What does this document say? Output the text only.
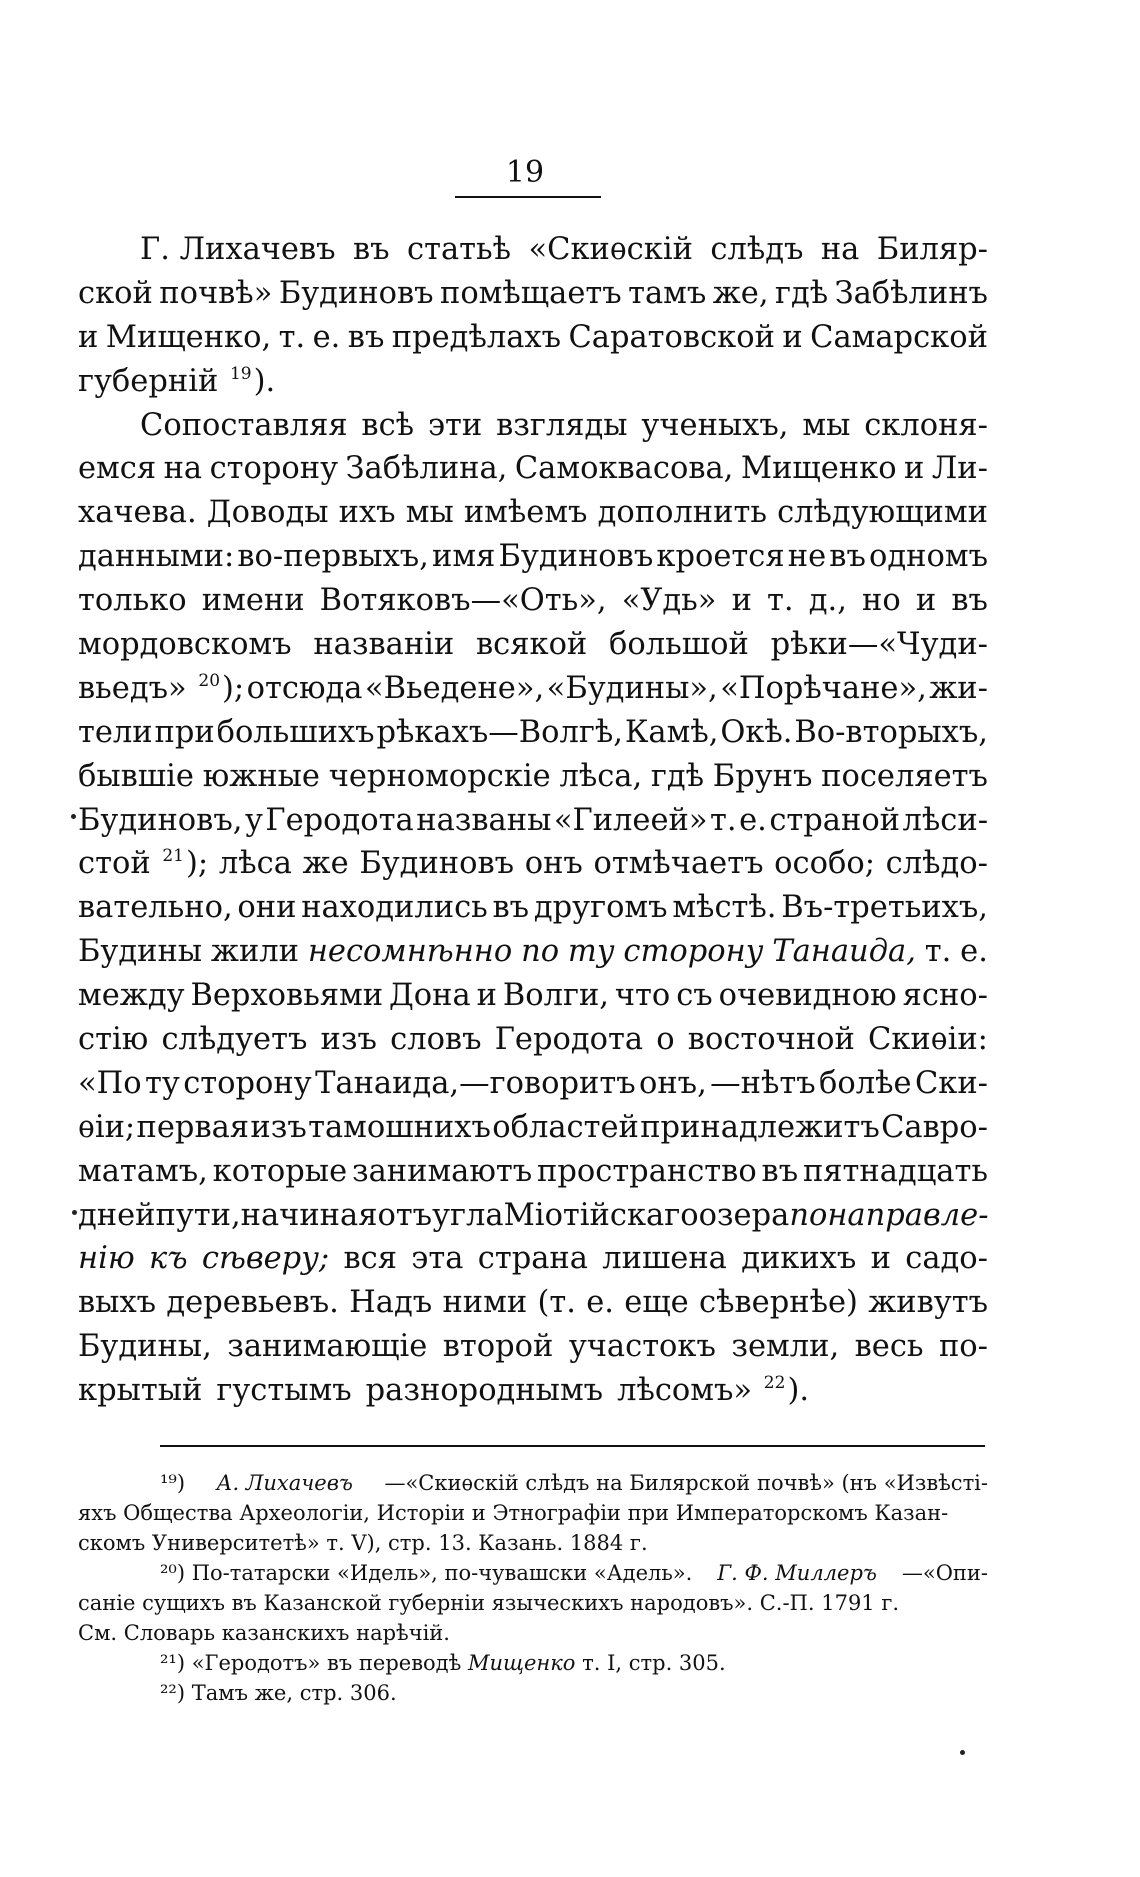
19
Г. Лихачевъ въ статьѣ «Скиѳскій слѣдъ на Биляр-
ской почвѣ» Будиновъ помѣщаетъ тамъ же, гдѣ Забѣлинъ
и Мищенко, т. е. въ предѣлахъ Саратовской и Самарской
губерній $^{19}$).
Сопоставляя всѣ эти взгляды ученыхъ, мы склоня-
емся на сторону Забѣлина, Самоквасова, Мищенко и Ли-
хачева. Доводы ихъ мы имѣемъ дополнить слѣдующими
данными: во-первыхъ, имя Будиновъ кроется не въ одномъ
только имени Вотяковъ—«Оть», «Удь» и т. д., но и въ
мордовскомъ названіи всякой большой рѣки—«Чуди-
вьедъ» $^{20}$); отсюда «Вьедене», «Будины», «Порѣчане», жи-
тели при большихъ рѣкахъ—Волгѣ, Камѣ, Окѣ. Во-вторыхъ,
бывшіе южные черноморскіе лѣса, гдѣ Брунъ поселяетъ
Будиновъ, у Геродота названы «Гилеей» т. е. страной лѣси-
стой $^{21}$); лѣса же Будиновъ онъ отмѣчаетъ особо; слѣдо-
вательно, они находились въ другомъ мѣстѣ. Въ-третьихъ,
Будины жили несомнѣнно по ту сторону Танаида, т. е.
между Верховьями Дона и Волги, что съ очевидною ясно-
стію слѣдуетъ изъ словъ Геродота о восточной Скиѳіи:
«По ту сторону Танаида,—говоритъ онъ, —нѣтъ болѣе Ски-
ѳіи; первая изъ тамошнихъ областей принадлежитъ Савро-
матамъ, которые занимаютъ пространство въ пятнадцать
дней пути, начиная отъ угла Міотійскаго озера по направле-
нію къ сѣверу; вся эта страна лишена дикихъ и садо-
выхъ деревьевъ. Надъ ними (т. е. еще сѣвернѣе) живутъ
Будины, занимающіе второй участокъ земли, весь по-
крытый густымъ разнороднымъ лѣсомъ» $^{22}$).
¹⁹) А. Лихачевъ —«Скиѳскій слѣдъ на Билярской почвѣ» (нъ «Извѣсті-
яхъ Общества Археологіи, Исторіи и Этнографіи при Императорскомъ Казан-
скомъ Университетѣ» т. V), стр. 13. Казань. 1884 г.
²⁰) По-татарски «Идель», по-чувашски «Адель». Г. Ф. Миллеръ —«Опи-
саніе сущихъ въ Казанской губерніи языческихъ народовъ». С.-П. 1791 г.
См. Словарь казанскихъ нарѣчій.
²¹) «Геродотъ» въ переводѣ
Мищенко
т. I, стр. 305.
²²) Тамъ же, стр. 306.
